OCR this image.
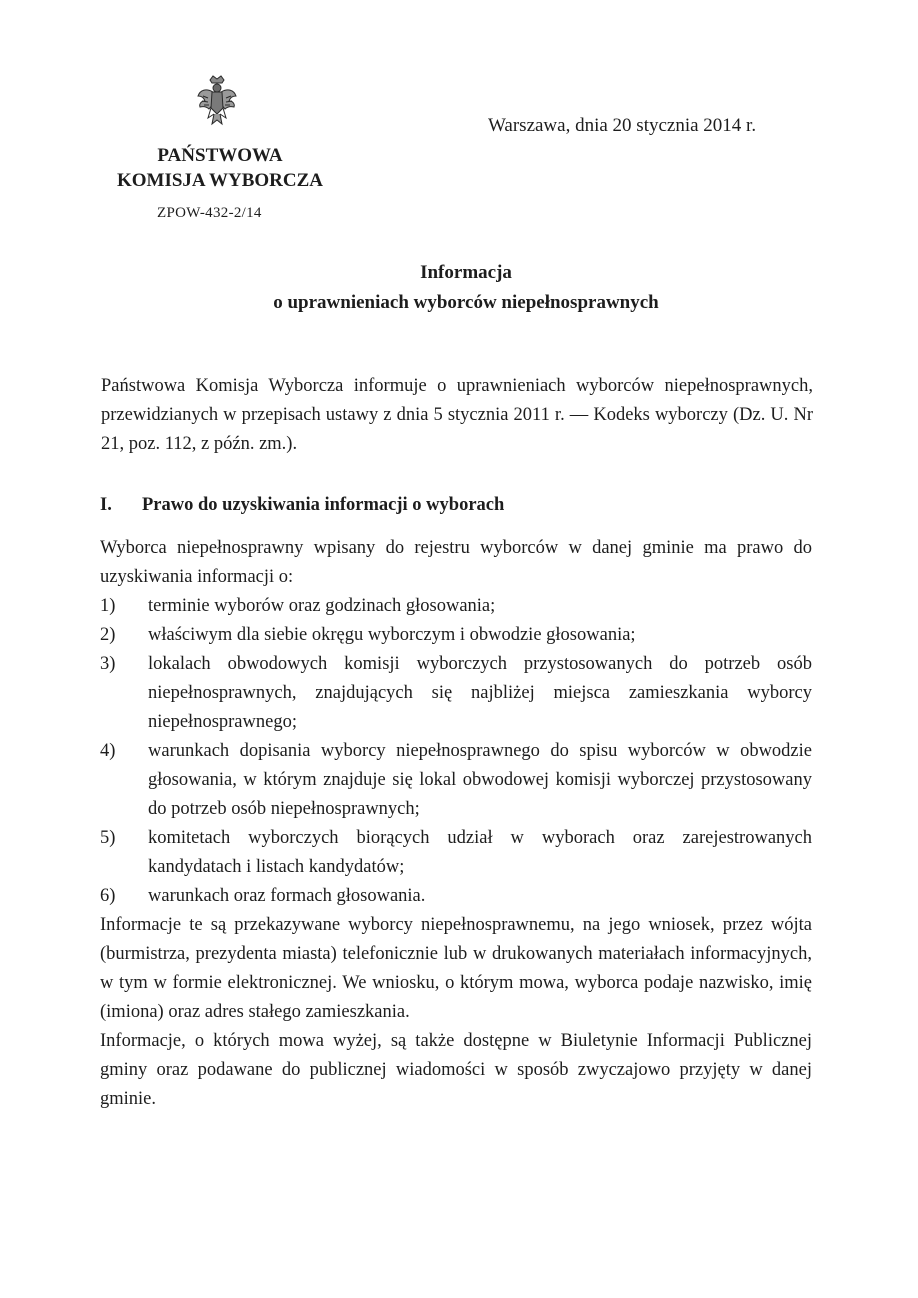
Warszawa, dnia 20 stycznia 2014 r.
PAŃSTWOWA
KOMISJA WYBORCZA
ZPOW-432-2/14
Informacja
o uprawnieniach wyborców niepełnosprawnych

Państwowa Komisja Wyborcza informuje o uprawnieniach wyborców niepełnosprawnych, przewidzianych w przepisach ustawy z dnia 5 stycznia 2011 r. — Kodeks wyborczy (Dz. U. Nr 21, poz. 112, z późn. zm.).

I. Prawo do uzyskiwania informacji o wyborach

Wyborca niepełnosprawny wpisany do rejestru wyborców w danej gminie ma prawo do uzyskiwania informacji o:

1)	terminie wyborów oraz godzinach głosowania;
2)	właściwym dla siebie okręgu wyborczym i obwodzie głosowania;
3)	lokalach obwodowych komisji wyborczych przystosowanych do potrzeb osób niepełnosprawnych, znajdujących się najbliżej miejsca zamieszkania wyborcy niepełnosprawnego;
4)	warunkach dopisania wyborcy niepełnosprawnego do spisu wyborców w obwodzie głosowania, w którym znajduje się lokal obwodowej komisji wyborczej przystosowany do potrzeb osób niepełnosprawnych;
5)	komitetach wyborczych biorących udział w wyborach oraz zarejestrowanych kandydatach i listach kandydatów;
6)	warunkach oraz formach głosowania.

Informacje te są przekazywane wyborcy niepełnosprawnemu, na jego wniosek, przez wójta (burmistrza, prezydenta miasta) telefonicznie lub w drukowanych materiałach informacyjnych, w tym w formie elektronicznej. We wniosku, o którym mowa, wyborca podaje nazwisko, imię (imiona) oraz adres stałego zamieszkania.

Informacje, o których mowa wyżej, są także dostępne w Biuletynie Informacji Publicznej gminy oraz podawane do publicznej wiadomości w sposób zwyczajowo przyjęty w danej gminie.
